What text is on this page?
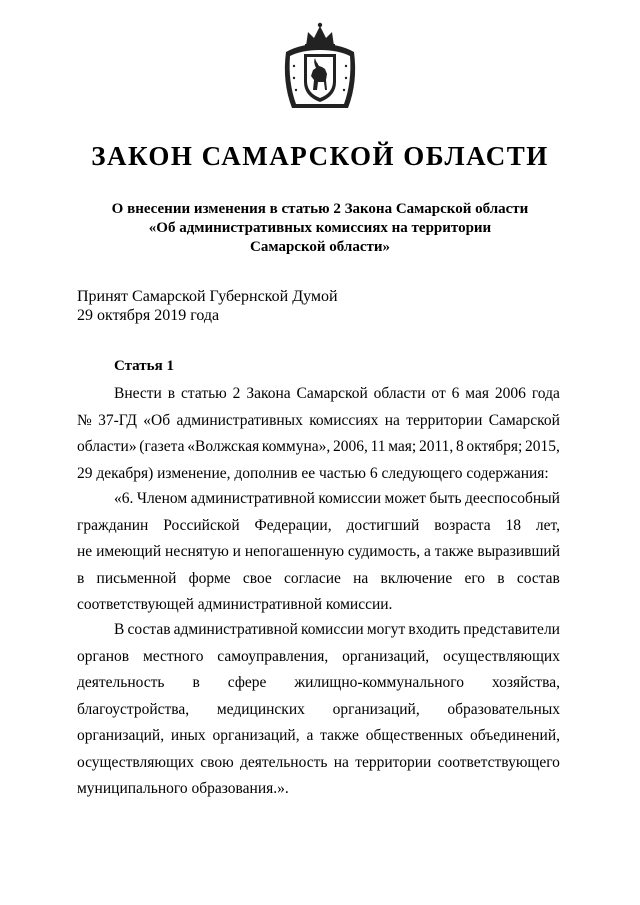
ЗАКОН САМАРСКОЙ ОБЛАСТИ
О внесении изменения в статью 2 Закона Самарской области
«Об административных комиссиях на территории
Самарской области»
Принят Самарской Губернской Думой
29 октября 2019 года
Статья 1
Внести в статью 2 Закона Самарской области от 6 мая 2006 года
№ 37-ГД «Об административных комиссиях на территории Самарской
области» (газета «Волжская коммуна», 2006, 11 мая; 2011, 8 октября; 2015,
29 декабря) изменение, дополнив ее частью 6 следующего содержания:
«6. Членом административной комиссии может быть дееспособный
гражданин Российской Федерации, достигший возраста 18 лет,
не имеющий неснятую и непогашенную судимость, а также выразивший
в письменной форме свое согласие на включение его в состав
соответствующей административной комиссии.
В состав административной комиссии могут входить представители
органов местного самоуправления, организаций, осуществляющих
деятельность в сфере жилищно-коммунального хозяйства,
благоустройства, медицинских организаций, образовательных
организаций, иных организаций, а также общественных объединений,
осуществляющих свою деятельность на территории соответствующего
муниципального образования.».
